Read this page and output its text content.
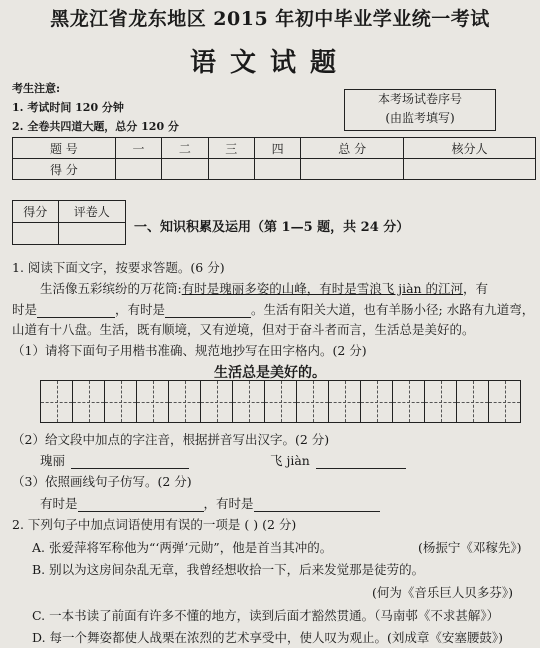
黑龙江省龙东地区 2015 年初中毕业学业统一考试
语文试题
考生注意:
1. 考试时间 120 分钟
2. 全卷共四道大题，总分 120 分
本考场试卷序号
(由监考填写)
题 号	一	二	三	四	总 分	核分人
得 分						
得分	评卷人

一、知识积累及运用（第 1—5 题，共 24 分）
1. 阅读下面文字，按要求答题。(6 分)
生活像五彩缤纷的万花筒:有时是瑰丽多姿的山峰，有时是雪浪飞 jiàn 的江河，有
时是	，有时是	。生活有阳关大道，也有羊肠小径; 水路有九道弯，
山道有十八盘。生活，既有顺境，又有逆境，但对于奋斗者而言，生活总是美好的。
（1）请将下面句子用楷书准确、规范地抄写在田字格内。(2 分)
生活总是美好的。
（2）给文段中加点的字注音，根据拼音写出汉字。(2 分)
瑰丽	飞 jiàn
（3）依照画线句子仿写。(2 分)
有时是	，有时是
2. 下列句子中加点词语使用有误的一项是 ( ) (2 分)
A. 张爱萍将军称他为“‘两弹’元勋”，他是首当其冲的。	(杨振宁《邓稼先》)
B. 别以为这房间杂乱无章，我曾经想收拾一下，后来发觉那是徒劳的。
(何为《音乐巨人贝多芬》)
C. 一本书读了前面有许多不懂的地方，读到后面才豁然贯通。（马南邨《不求甚解》）
D. 每一个舞姿都使人战栗在浓烈的艺术享受中，使人叹为观止。(刘成章《安塞腰鼓》)
